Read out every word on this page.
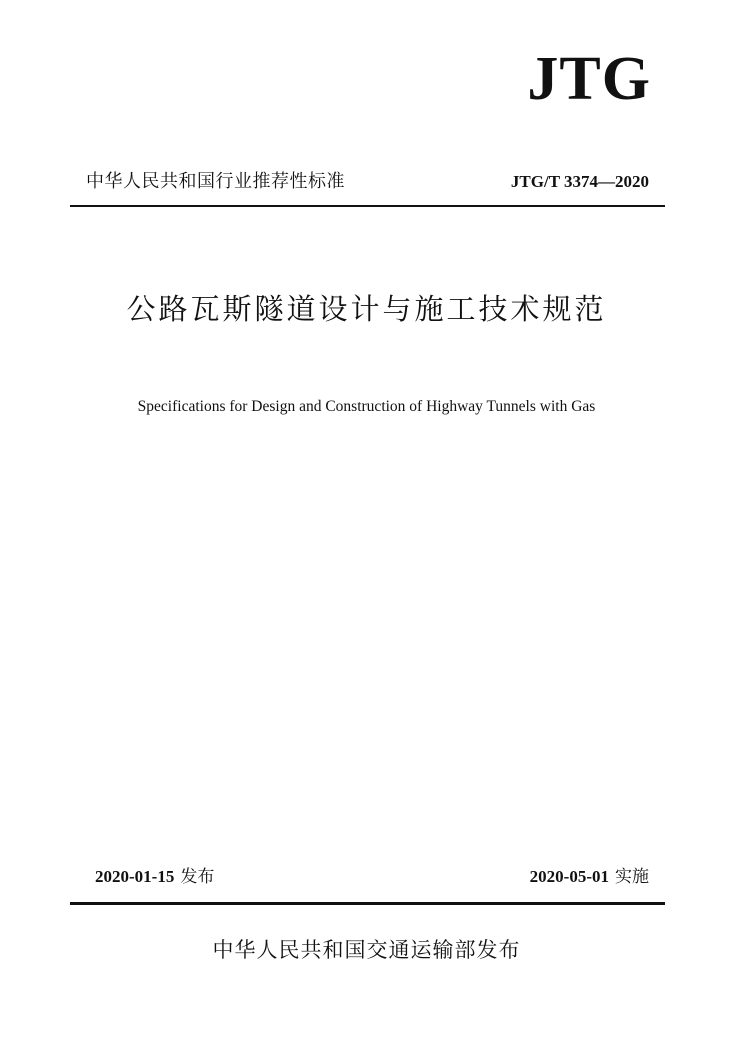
JTG
中华人民共和国行业推荐性标准	JTG/T 3374—2020
公路瓦斯隧道设计与施工技术规范
Specifications for Design and Construction of Highway Tunnels with Gas
2020-01-15 发布	2020-05-01 实施
中华人民共和国交通运输部发布
